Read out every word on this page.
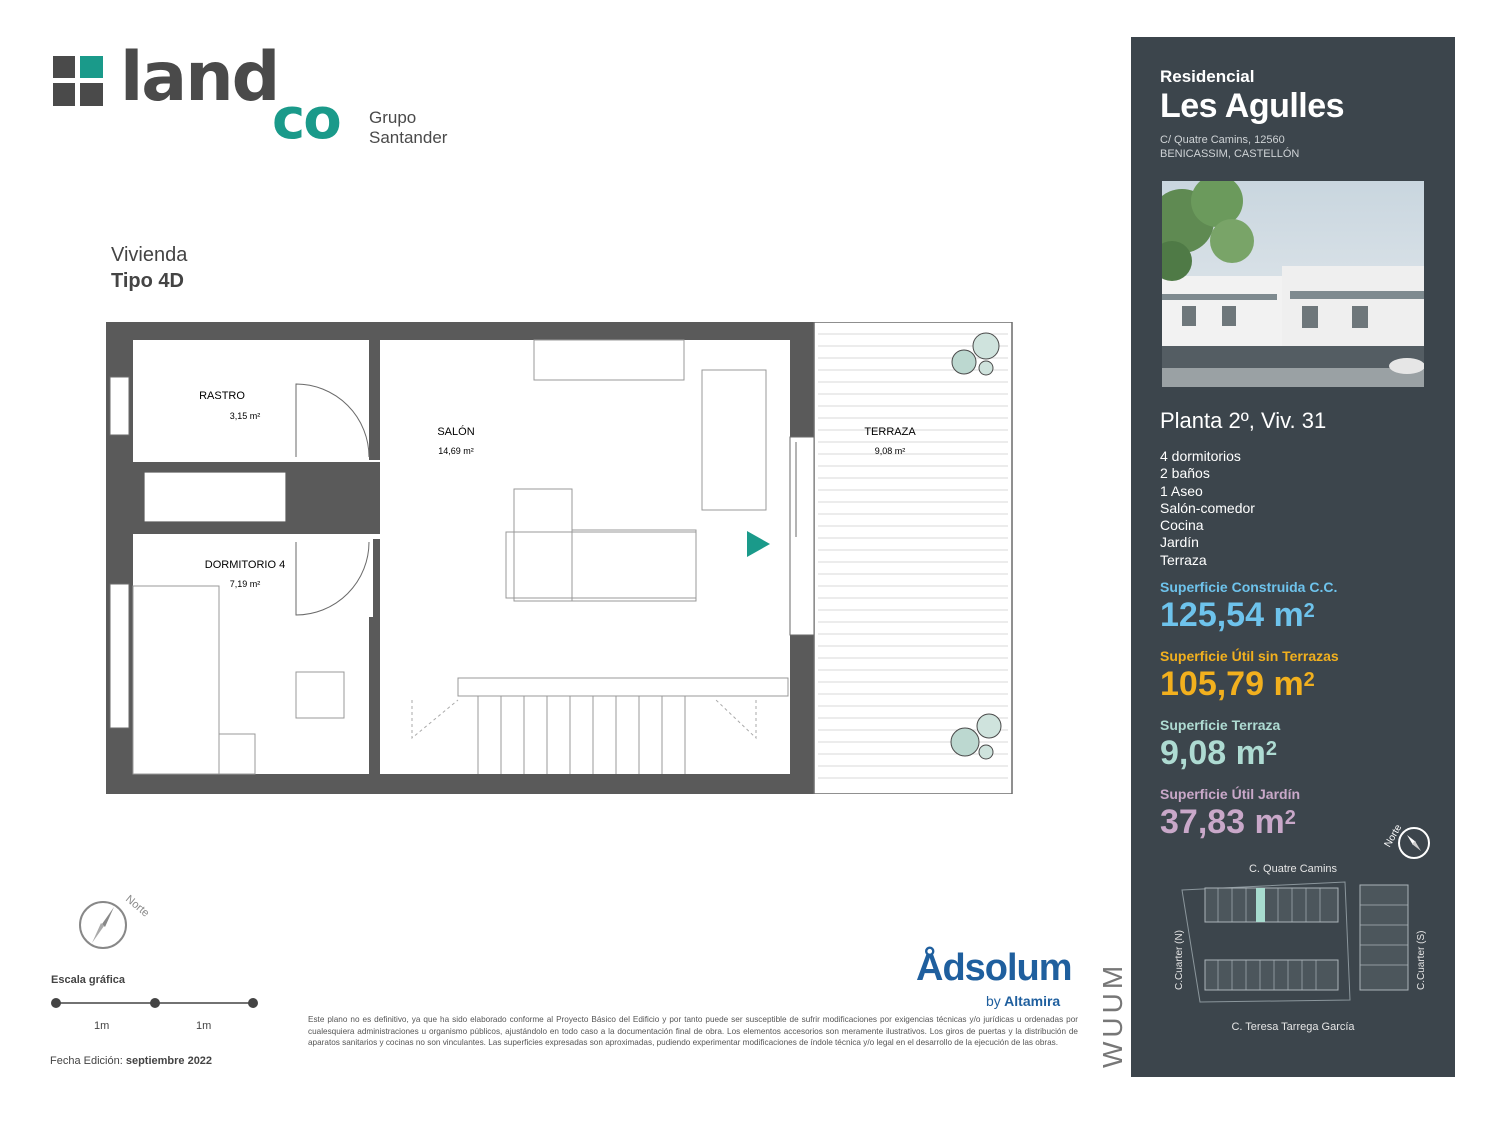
land
co Grupo
Santander
Vivienda
Tipo 4D
RASTRO
3,15 m²
SALÓN
14,69 m²
TERRAZA
9,08 m²
DORMITORIO 4
7,19 m²
Norte
Escala gráfica
1m	1m
Fecha Edición: septiembre 2022
Este plano no es definitivo, ya que ha sido elaborado conforme al Proyecto Básico del Edificio y por tanto puede ser susceptible de sufrir modificaciones por exigencias técnicas y/o jurídicas u ordenadas por cualesquiera administraciones u organismo públicos, ajustándolo en todo caso a la documentación final de obra. Los elementos accesorios son meramente ilustrativos. Los giros de puertas y la distribución de aparatos sanitarios y cocinas no son vinculantes. Las superficies expresadas son aproximadas, pudiendo experimentar modificaciones de índole técnica y/o legal en el desarrollo de la ejecución de las obras.
Ådsolum
by Altamira WUUM
Residencial
Les Agulles
C/ Quatre Camins, 12560
BENICASSIM, CASTELLÓN
Planta 2º, Viv. 31
4 dormitorios
2 baños
1 Aseo
Salón-comedor
Cocina
Jardín
Terraza
Superficie Construida C.C.
125,54 $m^2$
Superficie Útil sin Terrazas
105,79 $m^2$
Superficie Terraza
9,08 $m^2$
Superficie Útil Jardín
37,83 $m^2$
Norte
C. Quatre Camins
C. Teresa Tarrega García
C.Cuarter (N)	C.Cuarter (S)
